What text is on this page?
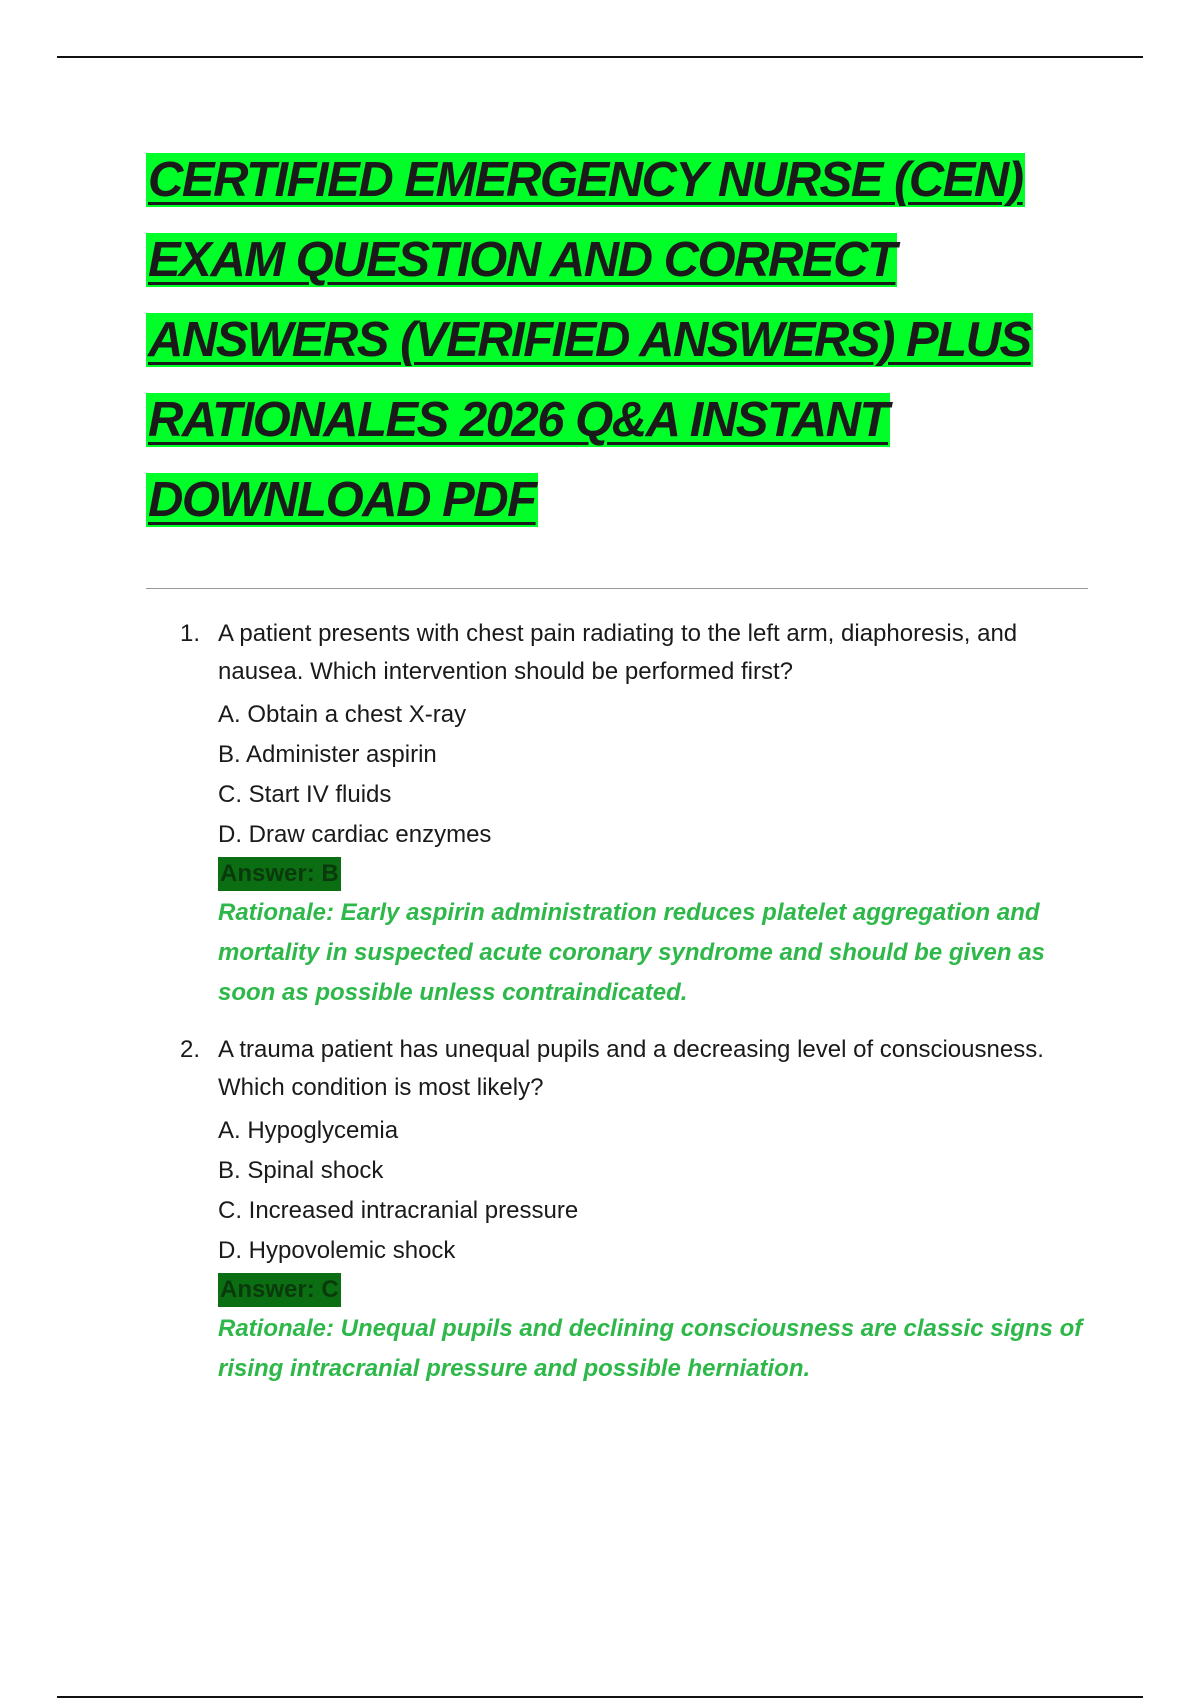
CERTIFIED EMERGENCY NURSE (CEN)
EXAM QUESTION AND CORRECT
ANSWERS (VERIFIED ANSWERS) PLUS
RATIONALES 2026 Q&A INSTANT
DOWNLOAD PDF
1. A patient presents with chest pain radiating to the left arm, diaphoresis, and nausea. Which intervention should be performed first?

A. Obtain a chest X-ray
B. Administer aspirin
C. Start IV fluids
D. Draw cardiac enzymes
Answer: B

Rationale: Early aspirin administration reduces platelet aggregation and mortality in suspected acute coronary syndrome and should be given as soon as possible unless contraindicated.

2. A trauma patient has unequal pupils and a decreasing level of consciousness. Which condition is most likely?

A. Hypoglycemia
B. Spinal shock
C. Increased intracranial pressure
D. Hypovolemic shock
Answer: C

Rationale: Unequal pupils and declining consciousness are classic signs of rising intracranial pressure and possible herniation.
